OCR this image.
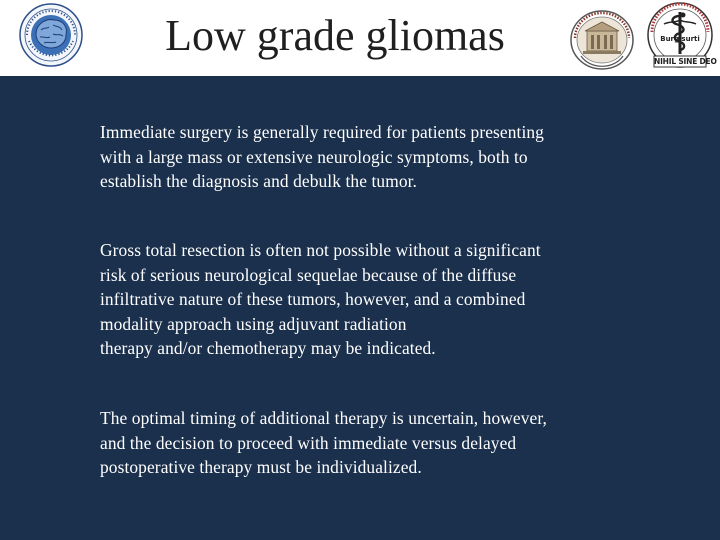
Low grade gliomas
NIHIL SINE DEO
Burgisurti
Immediate surgery is generally required for patients presenting
with a large mass or extensive neurologic symptoms, both to
establish the diagnosis and debulk the tumor.
Gross total resection is often not possible without a significant
risk of serious neurological sequelae because of the diffuse
infiltrative nature of these tumors, however, and a combined
modality approach using adjuvant radiation
therapy and/or chemotherapy may be indicated.
The optimal timing of additional therapy is uncertain, however,
and the decision to proceed with immediate versus delayed
postoperative therapy must be individualized.
